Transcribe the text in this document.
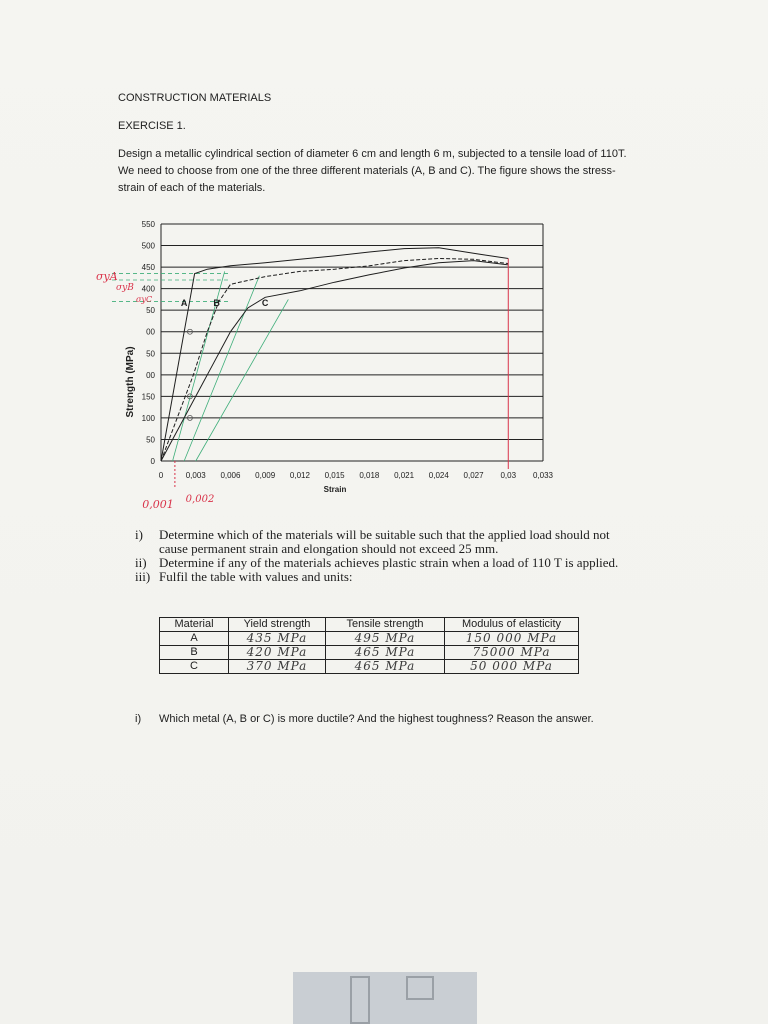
CONSTRUCTION MATERIALS
EXERCISE 1.
Design a metallic cylindrical section of diameter 6 cm and length 6 m, subjected to a tensile load of 110T. We need to choose from one of the three different materials (A, B and C). The figure shows the stress-strain of each of the materials.
Strength (MPa)
Strain
0
50
100
150
00
50
00
50
400
450
500
550
0	0,003 0,006 0,009 0,012 0,015 0,018 0,021 0,024 0,027 0,03 0,033
A	B	C
0,001 0,002
σyA
σyB
σyC
i)	Determine which of the materials will be suitable such that the applied load should not cause permanent strain and elongation should not exceed 25 mm.
ii) Determine if any of the materials achieves plastic strain when a load of 110 T is applied.
iii) Fulfil the table with values and units:
Material	Yield strength	Tensile strength	Modulus of elasticity
A	435 MPa	495 MPa	150 000 MPa
B	420 MPa	465 MPa	75000 MPa
C	370 MPa	465 MPa	50 000 MPa
i)	Which metal (A, B or C) is more ductile? And the highest toughness? Reason the answer.
